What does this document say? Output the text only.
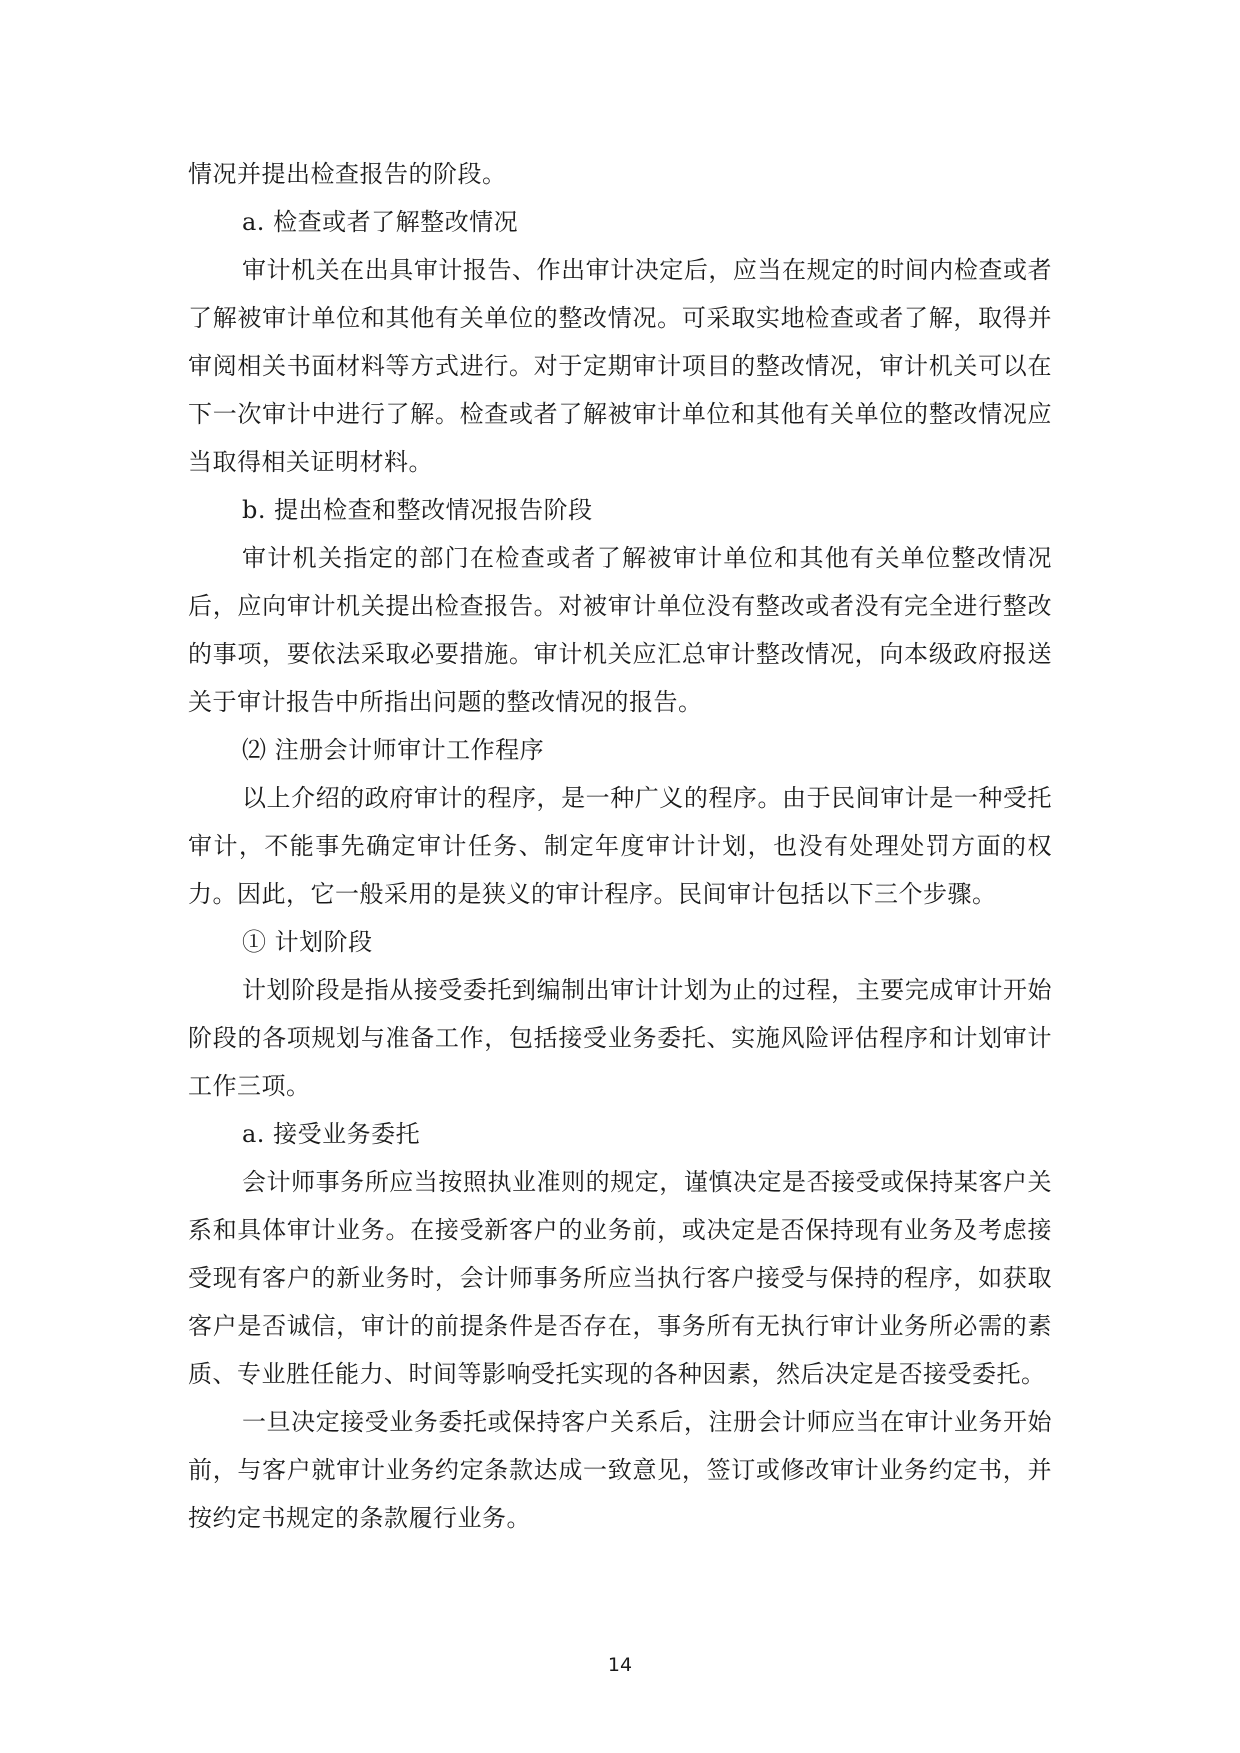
情况并提出检查报告的阶段。

a. 检查或者了解整改情况

审计机关在出具审计报告、作出审计决定后，应当在规定的时间内检查或者了解被审计单位和其他有关单位的整改情况。可采取实地检查或者了解，取得并审阅相关书面材料等方式进行。对于定期审计项目的整改情况，审计机关可以在下一次审计中进行了解。检查或者了解被审计单位和其他有关单位的整改情况应当取得相关证明材料。

b. 提出检查和整改情况报告阶段

审计机关指定的部门在检查或者了解被审计单位和其他有关单位整改情况后，应向审计机关提出检查报告。对被审计单位没有整改或者没有完全进行整改的事项，要依法采取必要措施。审计机关应汇总审计整改情况，向本级政府报送关于审计报告中所指出问题的整改情况的报告。

⑵ 注册会计师审计工作程序

以上介绍的政府审计的程序，是一种广义的程序。由于民间审计是一种受托审计，不能事先确定审计任务、制定年度审计计划，也没有处理处罚方面的权力。因此，它一般采用的是狭义的审计程序。民间审计包括以下三个步骤。

① 计划阶段

计划阶段是指从接受委托到编制出审计计划为止的过程，主要完成审计开始阶段的各项规划与准备工作，包括接受业务委托、实施风险评估程序和计划审计工作三项。

a. 接受业务委托

会计师事务所应当按照执业准则的规定，谨慎决定是否接受或保持某客户关系和具体审计业务。在接受新客户的业务前，或决定是否保持现有业务及考虑接受现有客户的新业务时，会计师事务所应当执行客户接受与保持的程序，如获取客户是否诚信，审计的前提条件是否存在，事务所有无执行审计业务所必需的素质、专业胜任能力、时间等影响受托实现的各种因素，然后决定是否接受委托。

一旦决定接受业务委托或保持客户关系后，注册会计师应当在审计业务开始前，与客户就审计业务约定条款达成一致意见，签订或修改审计业务约定书，并按约定书规定的条款履行业务。

14
